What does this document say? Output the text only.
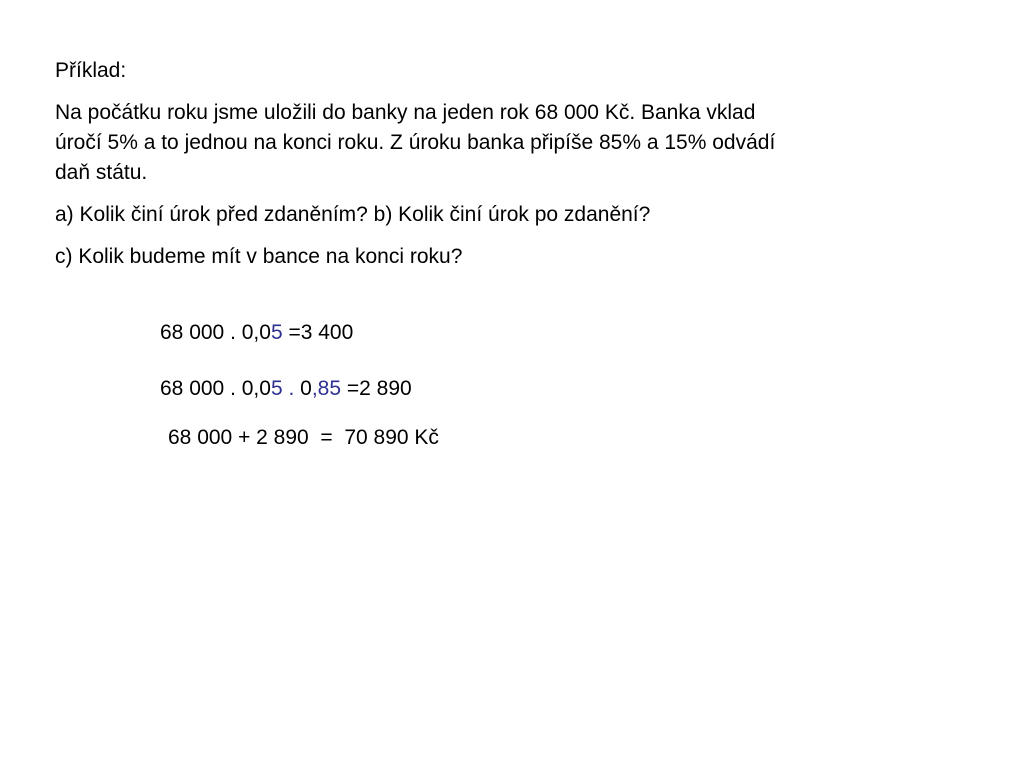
Příklad:

Na počátku roku jsme uložili do banky na jeden rok 68 000 Kč. Banka vklad
úročí 5% a to jednou na konci roku. Z úroku banka připíše 85% a 15% odvádí
daň státu.

a) Kolik činí úrok před zdaněním? b) Kolik činí úrok po zdanění?

c) Kolik budeme mít v bance na konci roku?

68 000 . 0,05 =3 400
68 000 . 0,05 . 0,85 =2 890
68 000 + 2 890  =  70 890 Kč
